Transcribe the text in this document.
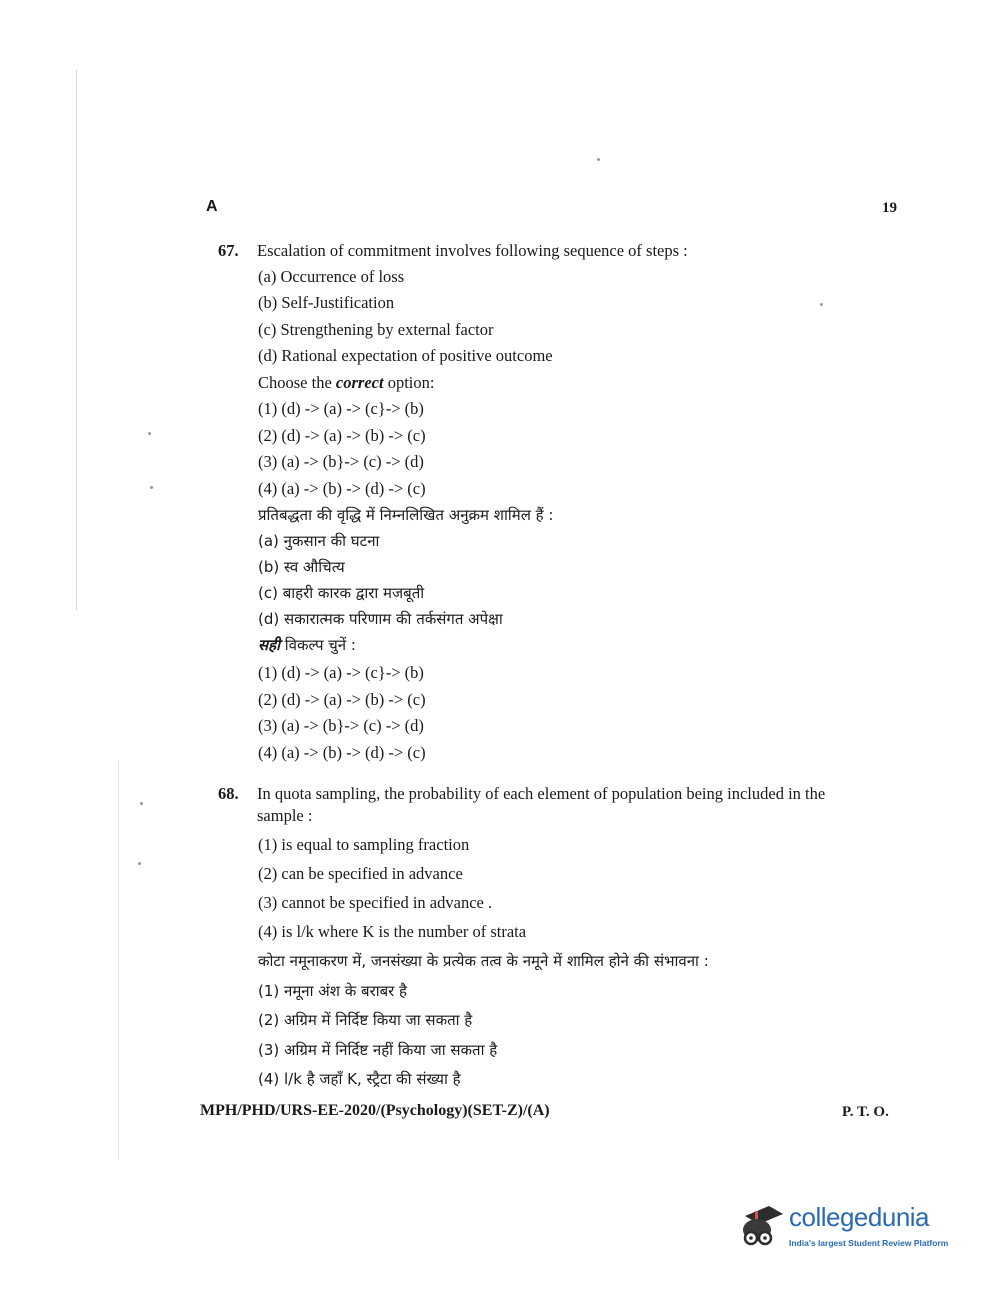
A	19
67. Escalation of commitment involves following sequence of steps :
(a) Occurrence of loss
(b) Self-Justification
(c) Strengthening by external factor
(d) Rational expectation of positive outcome
Choose the correct option:
(1) (d) -> (a) -> (c}-> (b)
(2) (d) -> (a) -> (b) -> (c)
(3) (a) -> (b}-> (c) -> (d)
(4) (a) -> (b) -> (d) -> (c)
प्रतिबद्धता की वृद्धि में निम्नलिखित अनुक्रम शामिल हैं :
(a) नुकसान की घटना
(b) स्व औचित्य
(c) बाहरी कारक द्वारा मजबूती
(d) सकारात्मक परिणाम की तर्कसंगत अपेक्षा
सही विकल्प चुनें :
(1) (d) -> (a) -> (c}-> (b)
(2) (d) -> (a) -> (b) -> (c)
(3) (a) -> (b}-> (c) -> (d)
(4) (a) -> (b) -> (d) -> (c)
68. In quota sampling, the probability of each element of population being included in the
sample :
(1) is equal to sampling fraction
(2) can be specified in advance
(3) cannot be specified in advance .
(4) is l/k where K is the number of strata
कोटा नमूनाकरण में, जनसंख्या के प्रत्येक तत्व के नमूने में शामिल होने की संभावना :
(1) नमूना अंश के बराबर है
(2) अग्रिम में निर्दिष्ट किया जा सकता है
(3) अग्रिम में निर्दिष्ट नहीं किया जा सकता है
(4) l/k है जहाँ K, स्ट्रैटा की संख्या है
MPH/PHD/URS-EE-2020/(Psychology)(SET-Z)/(A)	P. T. O.
collegedunia
India's largest Student Review Platform
